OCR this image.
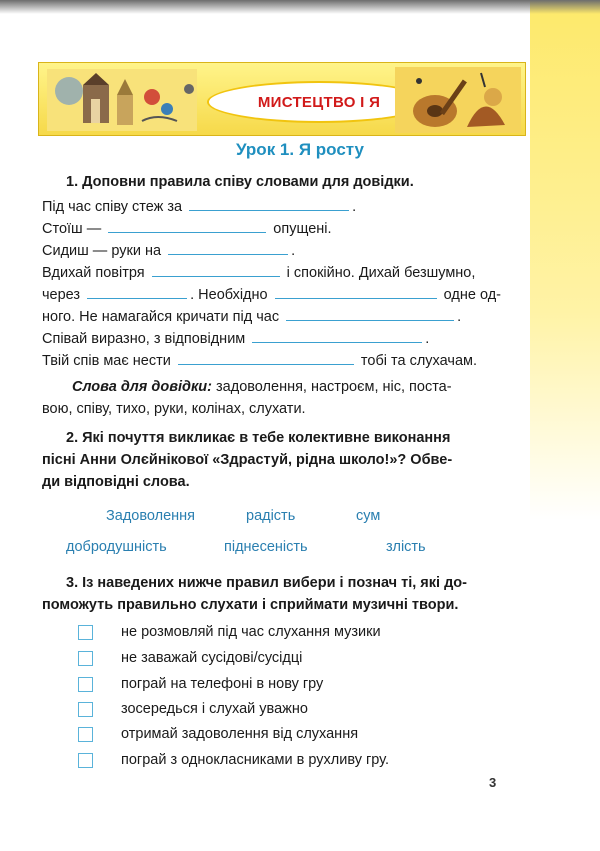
МИСТЕЦТВО І Я
Урок 1. Я росту
1. Доповни правила співу словами для довідки.
Під час співу стеж за	.
Стоїш —	опущені.
Сидиш — руки на	.
Вдихай повітря	і спокійно. Дихай безшумно,
через	. Необхідно	одне од-
ного. Не намагайся кричати під час	.
Співай виразно, з відповідним	.
Твій спів має нести	тобі та слухачам.
Слова для довідки: задоволення, настроєм, ніс, поста-
вою, співу, тихо, руки, колінах, слухати.
2. Які почуття викликає в тебе колективне виконання
пісні Анни Олєйнікової «Здрастуй, рідна школо!»? Обве-
ди відповідні слова.
Задоволення	радість	сум
добродушність	піднесеність	злість
3. Із наведених нижче правил вибери і познач ті, які до-
поможуть правильно слухати і сприймати музичні твори.
не розмовляй під час слухання музики
не заважай сусідові/сусідці
пограй на телефоні в нову гру
зосередься і слухай уважно
отримай задоволення від слухання
пограй з однокласниками в рухливу гру.
3
